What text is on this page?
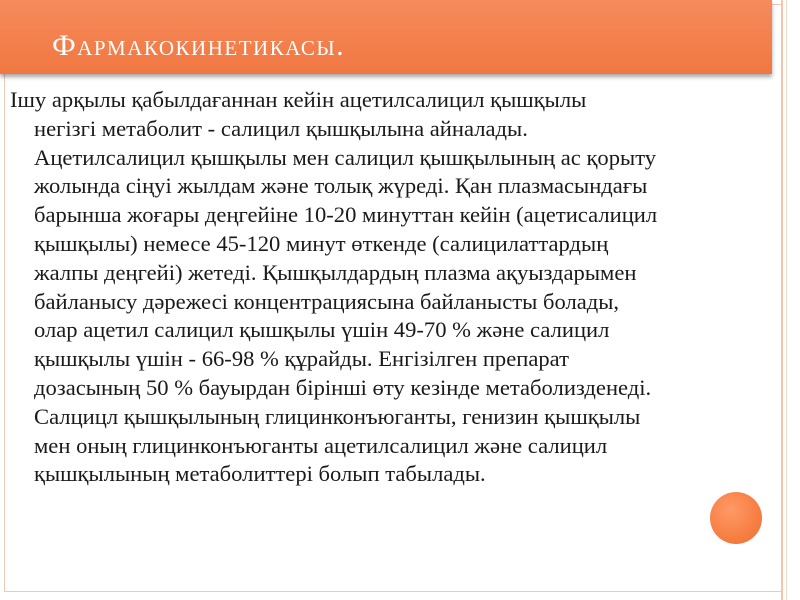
Фармакокинетикасы.

Ішу арқылы қабылдағаннан кейін ацетилсалицил қышқылы
негізгі метаболит - салицил қышқылына айналады.
Ацетилсалицил қышқылы мен салицил қышқылының ас қорыту
жолында сіңуі жылдам және толық жүреді. Қан плазмасындағы
барынша жоғары деңгейіне 10-20 минуттан кейін (ацетисалицил
қышқылы) немесе 45-120 минут өткенде (салицилаттардың
жалпы деңгейі) жетеді. Қышқылдардың плазма ақуыздарымен
байланысу дәрежесі концентрациясына байланысты болады,
олар ацетил салицил қышқылы үшін 49-70 % және салицил
қышқылы үшін - 66-98 % құрайды. Енгізілген препарат
дозасының 50 % бауырдан бірінші өту кезінде метаболизденеді.
Салцицл қышқылының глицинконъюганты, генизин қышқылы
мен оның глицинконъюганты ацетилсалицил және салицил
қышқылының метаболиттері болып табылады.
